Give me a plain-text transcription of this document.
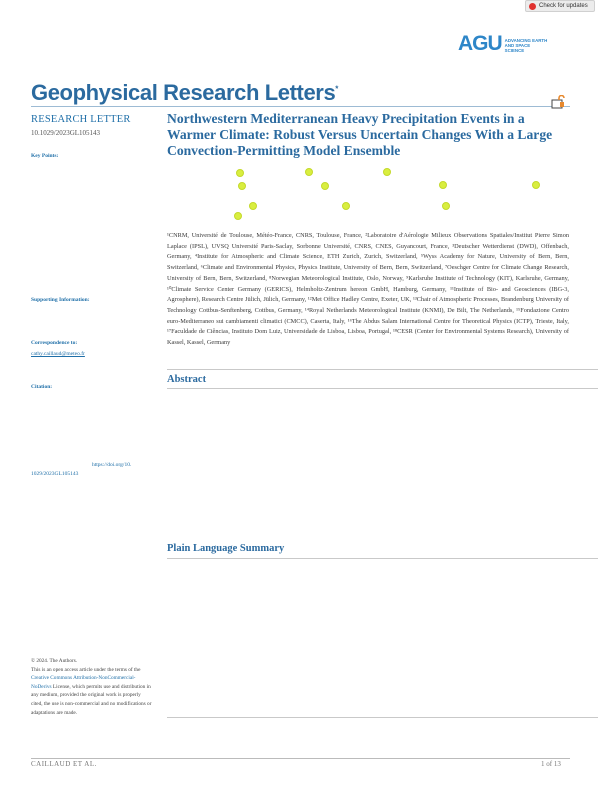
Check for updates
AGU ADVANCING EARTH AND SPACE SCIENCE
Geophysical Research Letters*
RESEARCH LETTER
10.1029/2023GL105143
Key Points:
Supporting Information:
Correspondence to:
cathy.caillaud@meteo.fr
Citation:
https://doi.org/10.
1029/2023GL105143
© 2024. The Authors.
This is an open access article under the terms of the Creative Commons Attribution-NonCommercial-NoDerivs License, which permits use and distribution in any medium, provided the original work is properly cited, the use is non-commercial and no modifications or adaptations are made.
Northwestern Mediterranean Heavy Precipitation Events in a Warmer Climate: Robust Versus Uncertain Changes With a Large Convection-Permitting Model Ensemble
¹CNRM, Université de Toulouse, Météo-France, CNRS, Toulouse, France, ²Laboratoire d'Aérologie Milieux Observations Spatiales/Institut Pierre Simon Laplace (IPSL), UVSQ Université Paris-Saclay, Sorbonne Université, CNRS, CNES, Guyancourt, France, ³Deutscher Wetterdienst (DWD), Offenbach, Germany, ⁴Institute for Atmospheric and Climate Science, ETH Zurich, Zurich, Switzerland, ⁵Wyss Academy for Nature, University of Bern, Bern, Switzerland, ⁶Climate and Environmental Physics, Physics Institute, University of Bern, Bern, Switzerland, ⁷Oeschger Centre for Climate Change Research, University of Bern, Bern, Switzerland, ⁸Norwegian Meteorological Institute, Oslo, Norway, ⁹Karlsruhe Institute of Technology (KIT), Karlsruhe, Germany, ¹⁰Climate Service Center Germany (GERICS), Helmholtz-Zentrum hereon GmbH, Hamburg, Germany, ¹¹Institute of Bio- and Geosciences (IBG-3, Agrosphere), Research Centre Jülich, Jülich, Germany, ¹²Met Office Hadley Centre, Exeter, UK, ¹³Chair of Atmospheric Processes, Brandenburg University of Technology Cottbus-Senftenberg, Cottbus, Germany, ¹⁴Royal Netherlands Meteorological Institute (KNMI), De Bilt, The Netherlands, ¹⁵Fondazione Centro euro-Mediterraneo sui cambiamenti climatici (CMCC), Caserta, Italy, ¹⁶The Abdus Salam International Centre for Theoretical Physics (ICTP), Trieste, Italy, ¹⁷Faculdade de Ciências, Instituto Dom Luiz, Universidade de Lisboa, Lisboa, Portugal, ¹⁸CESR (Center for Environmental Systems Research), University of Kassel, Kassel, Germany
Abstract
Plain Language Summary
CAILLAUD ET AL.	1 of 13
